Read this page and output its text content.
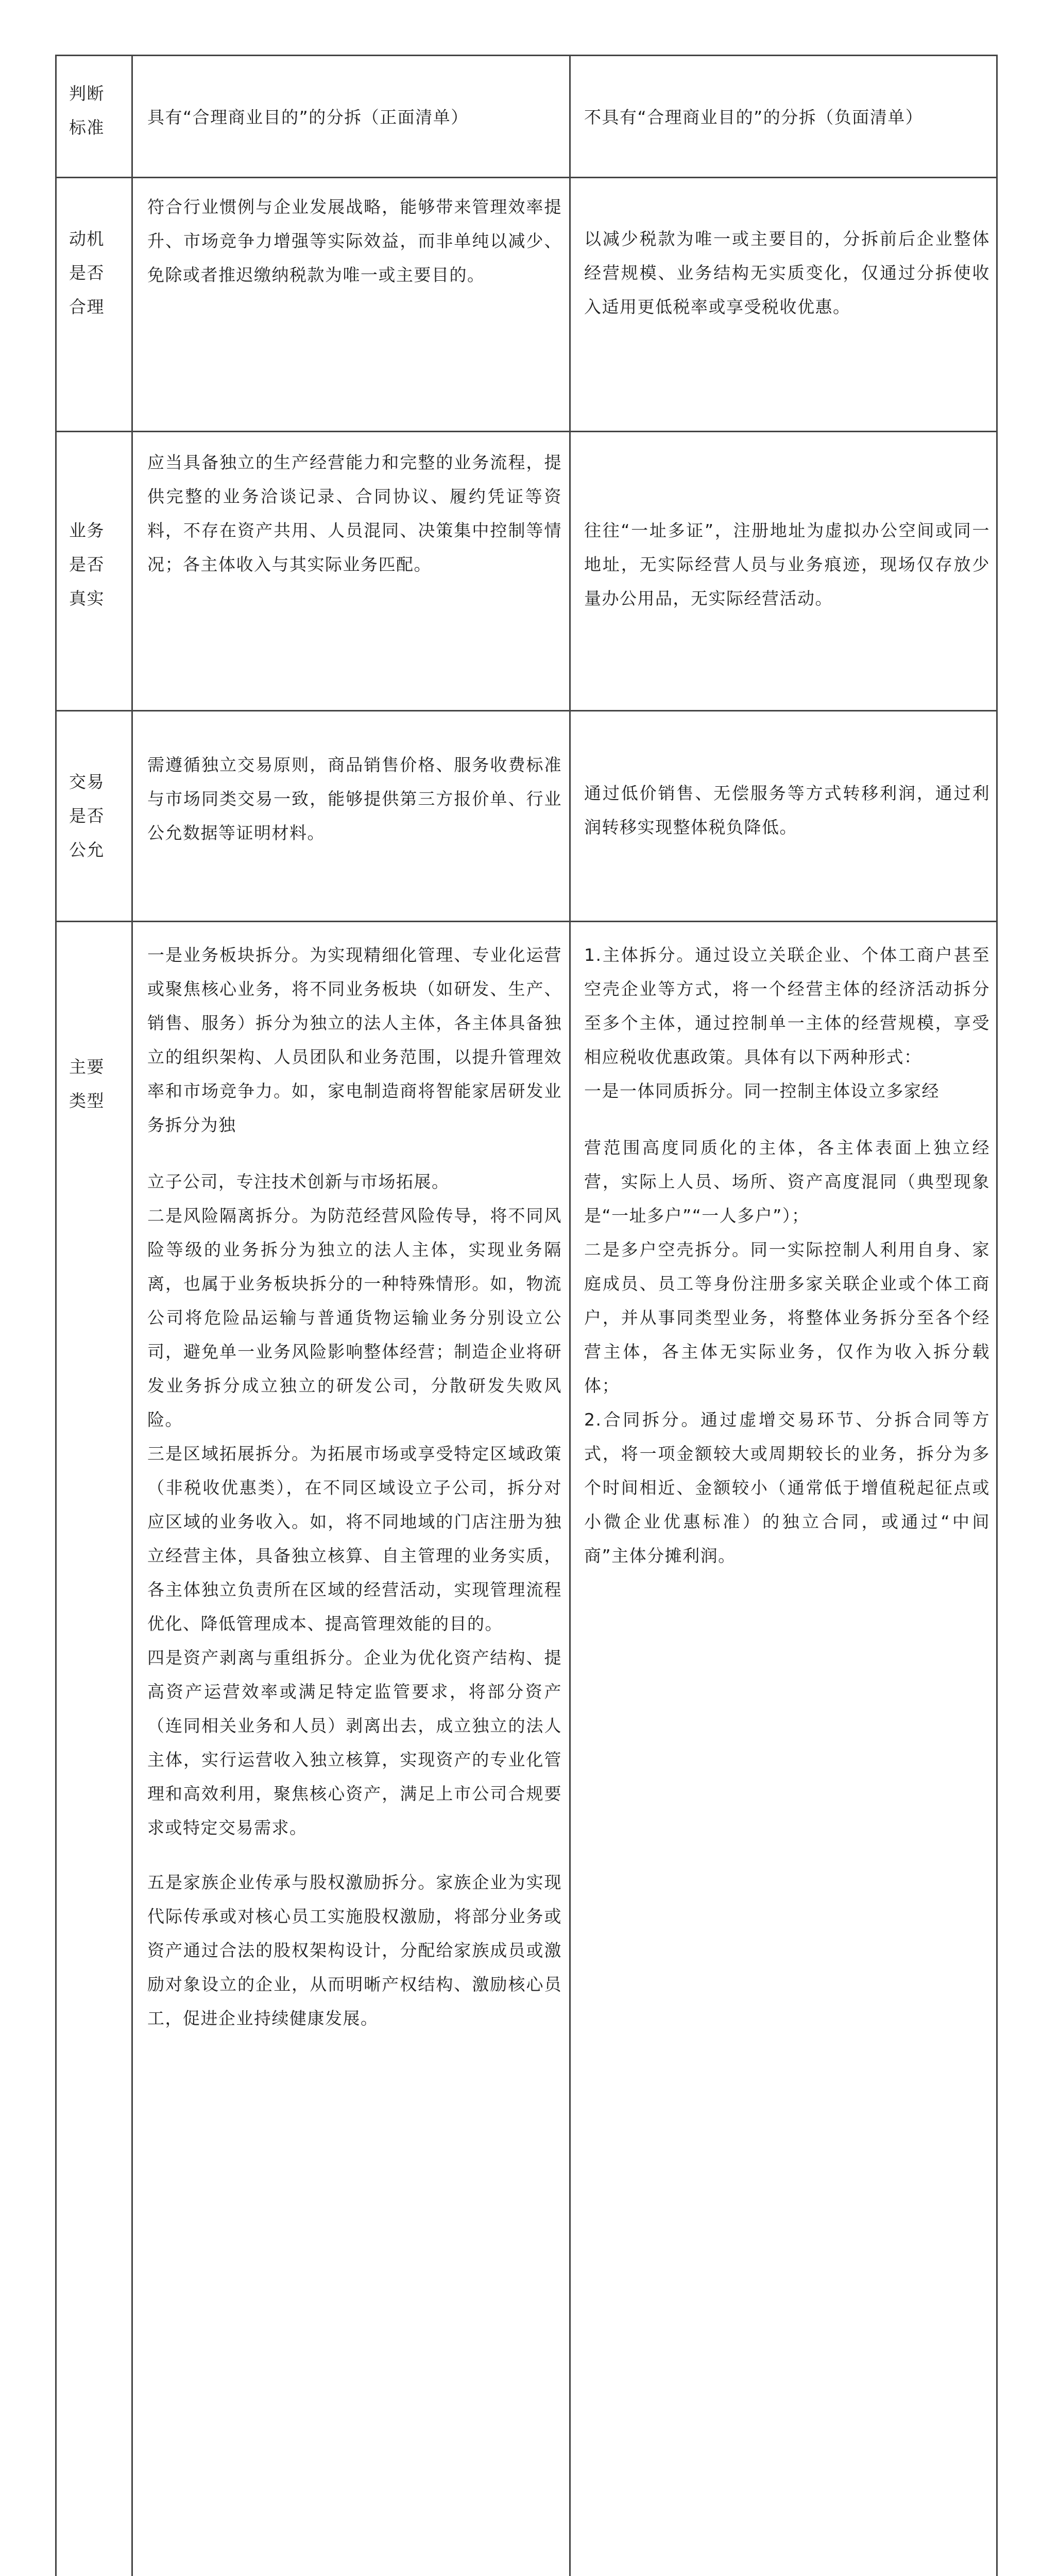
判断
标准
具有“合理商业目的”的分拆（正面清单）	不具有“合理商业目的”的分拆（负面清单）
动机
是否
合理

符合行业惯例与企业发展战略，能够带来管理效率提升、市场竞争力增强等实际效益，而非单纯以减少、免除或者推迟缴纳税款为唯一或主要目的。

以减少税款为唯一或主要目的，分拆前后企业整体经营规模、业务结构无实质变化，仅通过分拆使收入适用更低税率或享受税收优惠。

业务
是否
真实

应当具备独立的生产经营能力和完整的业务流程，提供完整的业务洽谈记录、合同协议、履约凭证等资料，不存在资产共用、人员混同、决策集中控制等情况；各主体收入与其实际业务匹配。

往往“一址多证”，注册地址为虚拟办公空间或同一地址，无实际经营人员与业务痕迹，现场仅存放少量办公用品，无实际经营活动。

交易
是否
公允

需遵循独立交易原则，商品销售价格、服务收费标准与市场同类交易一致，能够提供第三方报价单、行业公允数据等证明材料。

通过低价销售、无偿服务等方式转移利润，通过利润转移实现整体税负降低。

主要
类型

一是业务板块拆分。为实现精细化管理、专业化运营或聚焦核心业务，将不同业务板块（如研发、生产、销售、服务）拆分为独立的法人主体，各主体具备独立的组织架构、人员团队和业务范围，以提升管理效率和市场竞争力。如，家电制造商将智能家居研发业务拆分为独

立子公司，专注技术创新与市场拓展。

二是风险隔离拆分。为防范经营风险传导，将不同风险等级的业务拆分为独立的法人主体，实现业务隔离，也属于业务板块拆分的一种特殊情形。如，物流公司将危险品运输与普通货物运输业务分别设立公司，避免单一业务风险影响整体经营；制造企业将研发业务拆分成立独立的研发公司，分散研发失败风险。

三是区域拓展拆分。为拓展市场或享受特定区域政策（非税收优惠类），在不同区域设立子公司，拆分对应区域的业务收入。如，将不同地域的门店注册为独立经营主体，具备独立核算、自主管理的业务实质，各主体独立负责所在区域的经营活动，实现管理流程优化、降低管理成本、提高管理效能的目的。

四是资产剥离与重组拆分。企业为优化资产结构、提高资产运营效率或满足特定监管要求，将部分资产（连同相关业务和人员）剥离出去，成立独立的法人主体，实行运营收入独立核算，实现资产的专业化管理和高效利用，聚焦核心资产，满足上市公司合规要求或特定交易需求。

五是家族企业传承与股权激励拆分。家族企业为实现代际传承或对核心员工实施股权激励，将部分业务或资产通过合法的股权架构设计，分配给家族成员或激励对象设立的企业，从而明晰产权结构、激励核心员工，促进企业持续健康发展。

1.主体拆分。通过设立关联企业、个体工商户甚至空壳企业等方式，将一个经营主体的经济活动拆分至多个主体，通过控制单一主体的经营规模，享受相应税收优惠政策。具体有以下两种形式：

一是一体同质拆分。同一控制主体设立多家经

营范围高度同质化的主体，各主体表面上独立经营，实际上人员、场所、资产高度混同（典型现象是“一址多户”“一人多户”）；

二是多户空壳拆分。同一实际控制人利用自身、家庭成员、员工等身份注册多家关联企业或个体工商户，并从事同类型业务，将整体业务拆分至各个经营主体，各主体无实际业务，仅作为收入拆分载体；

2.合同拆分。通过虚增交易环节、分拆合同等方式，将一项金额较大或周期较长的业务，拆分为多个时间相近、金额较小（通常低于增值税起征点或小微企业优惠标准）的独立合同，或通过“中间商”主体分摊利润。
